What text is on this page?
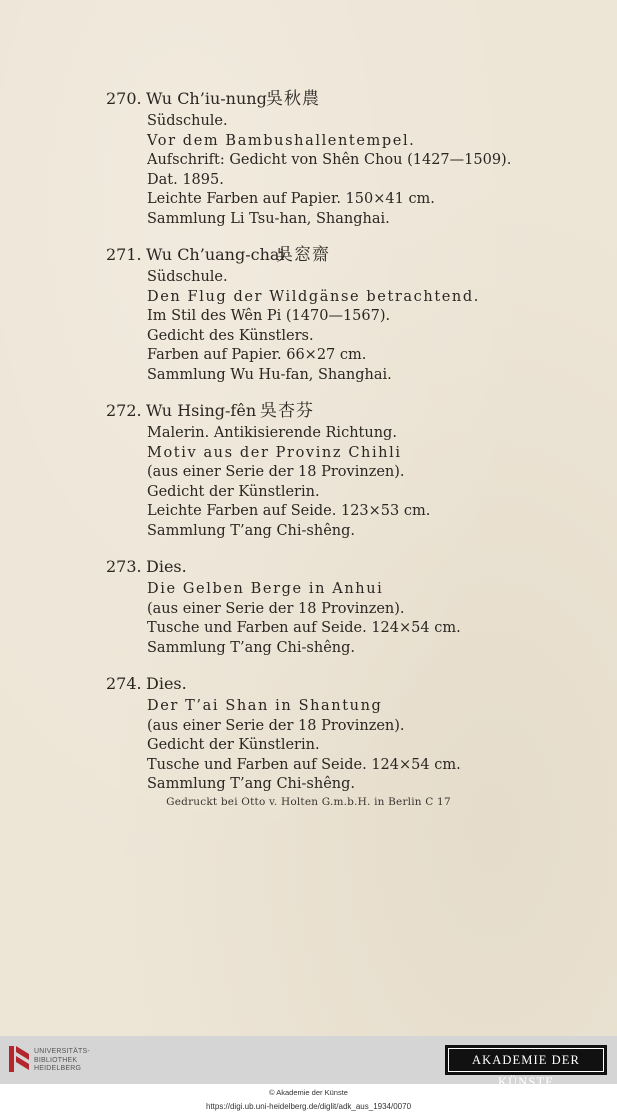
270. Wu Ch’iu-nung 吳秋農
Südschule.
Vor dem Bambushallentempel.
Aufschrift: Gedicht von Shên Chou (1427—1509).
Dat. 1895.
Leichte Farben auf Papier. 150×41 cm.
Sammlung Li Tsu-han, Shanghai.
271. Wu Ch’uang-chai
吳窓齋
Südschule.
Den Flug der Wildgänse betrachtend.
Im Stil des Wên Pi (1470—1567).
Gedicht des Künstlers.
Farben auf Papier. 66×27 cm.
Sammlung Wu Hu-fan, Shanghai.
272. Wu Hsing-fên 吳杏芬
Malerin. Antikisierende Richtung.
Motiv aus der Provinz Chihli
(aus einer Serie der 18 Provinzen).
Gedicht der Künstlerin.
Leichte Farben auf Seide. 123×53 cm.
Sammlung T’ang Chi-shêng.
273. Dies.
Die Gelben Berge in Anhui
(aus einer Serie der 18 Provinzen).
Tusche und Farben auf Seide. 124×54 cm.
Sammlung T’ang Chi-shêng.
274. Dies.
Der T’ai Shan in Shantung
(aus einer Serie der 18 Provinzen).
Gedicht der Künstlerin.
Tusche und Farben auf Seide. 124×54 cm.
Sammlung T’ang Chi-shêng.
Gedruckt bei Otto v. Holten G.m.b.H. in Berlin C 17
UNIVERSITÄTS-
BIBLIOTHEK
HEIDELBERG
AKADEMIE DER KÜNSTE
© Akademie der Künste
https://digi.ub.uni-heidelberg.de/diglit/adk_aus_1934/0070
